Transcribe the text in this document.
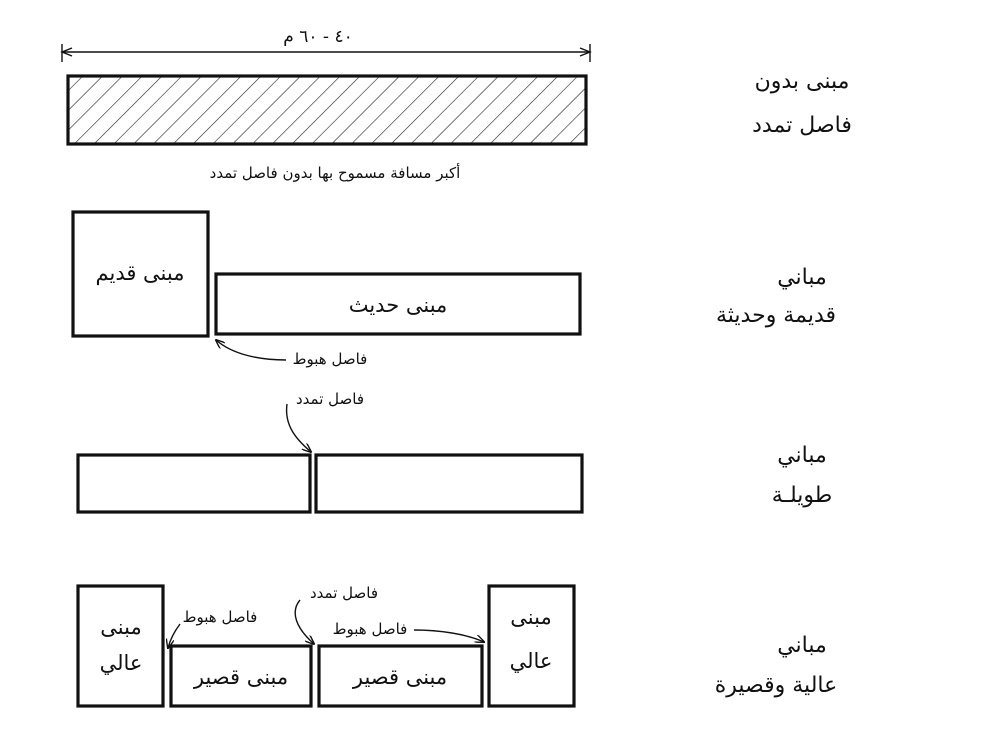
٤٠ - ٦٠ م
أكبر مسافة مسموح بها بدون فاصل تمدد
مبنى بدون
فاصل تمدد
مبنى قديم
مبنى حديث
فاصل هبوط
مباني
قديمة وحديثة
فاصل تمدد
مباني
طويلـة
مبنى
عالي
مبنى قصير	مبنى قصير
مبنى
عالي
فاصل هبوط
فاصل تمدد
فاصل هبوط
مباني
عالية وقصيرة
